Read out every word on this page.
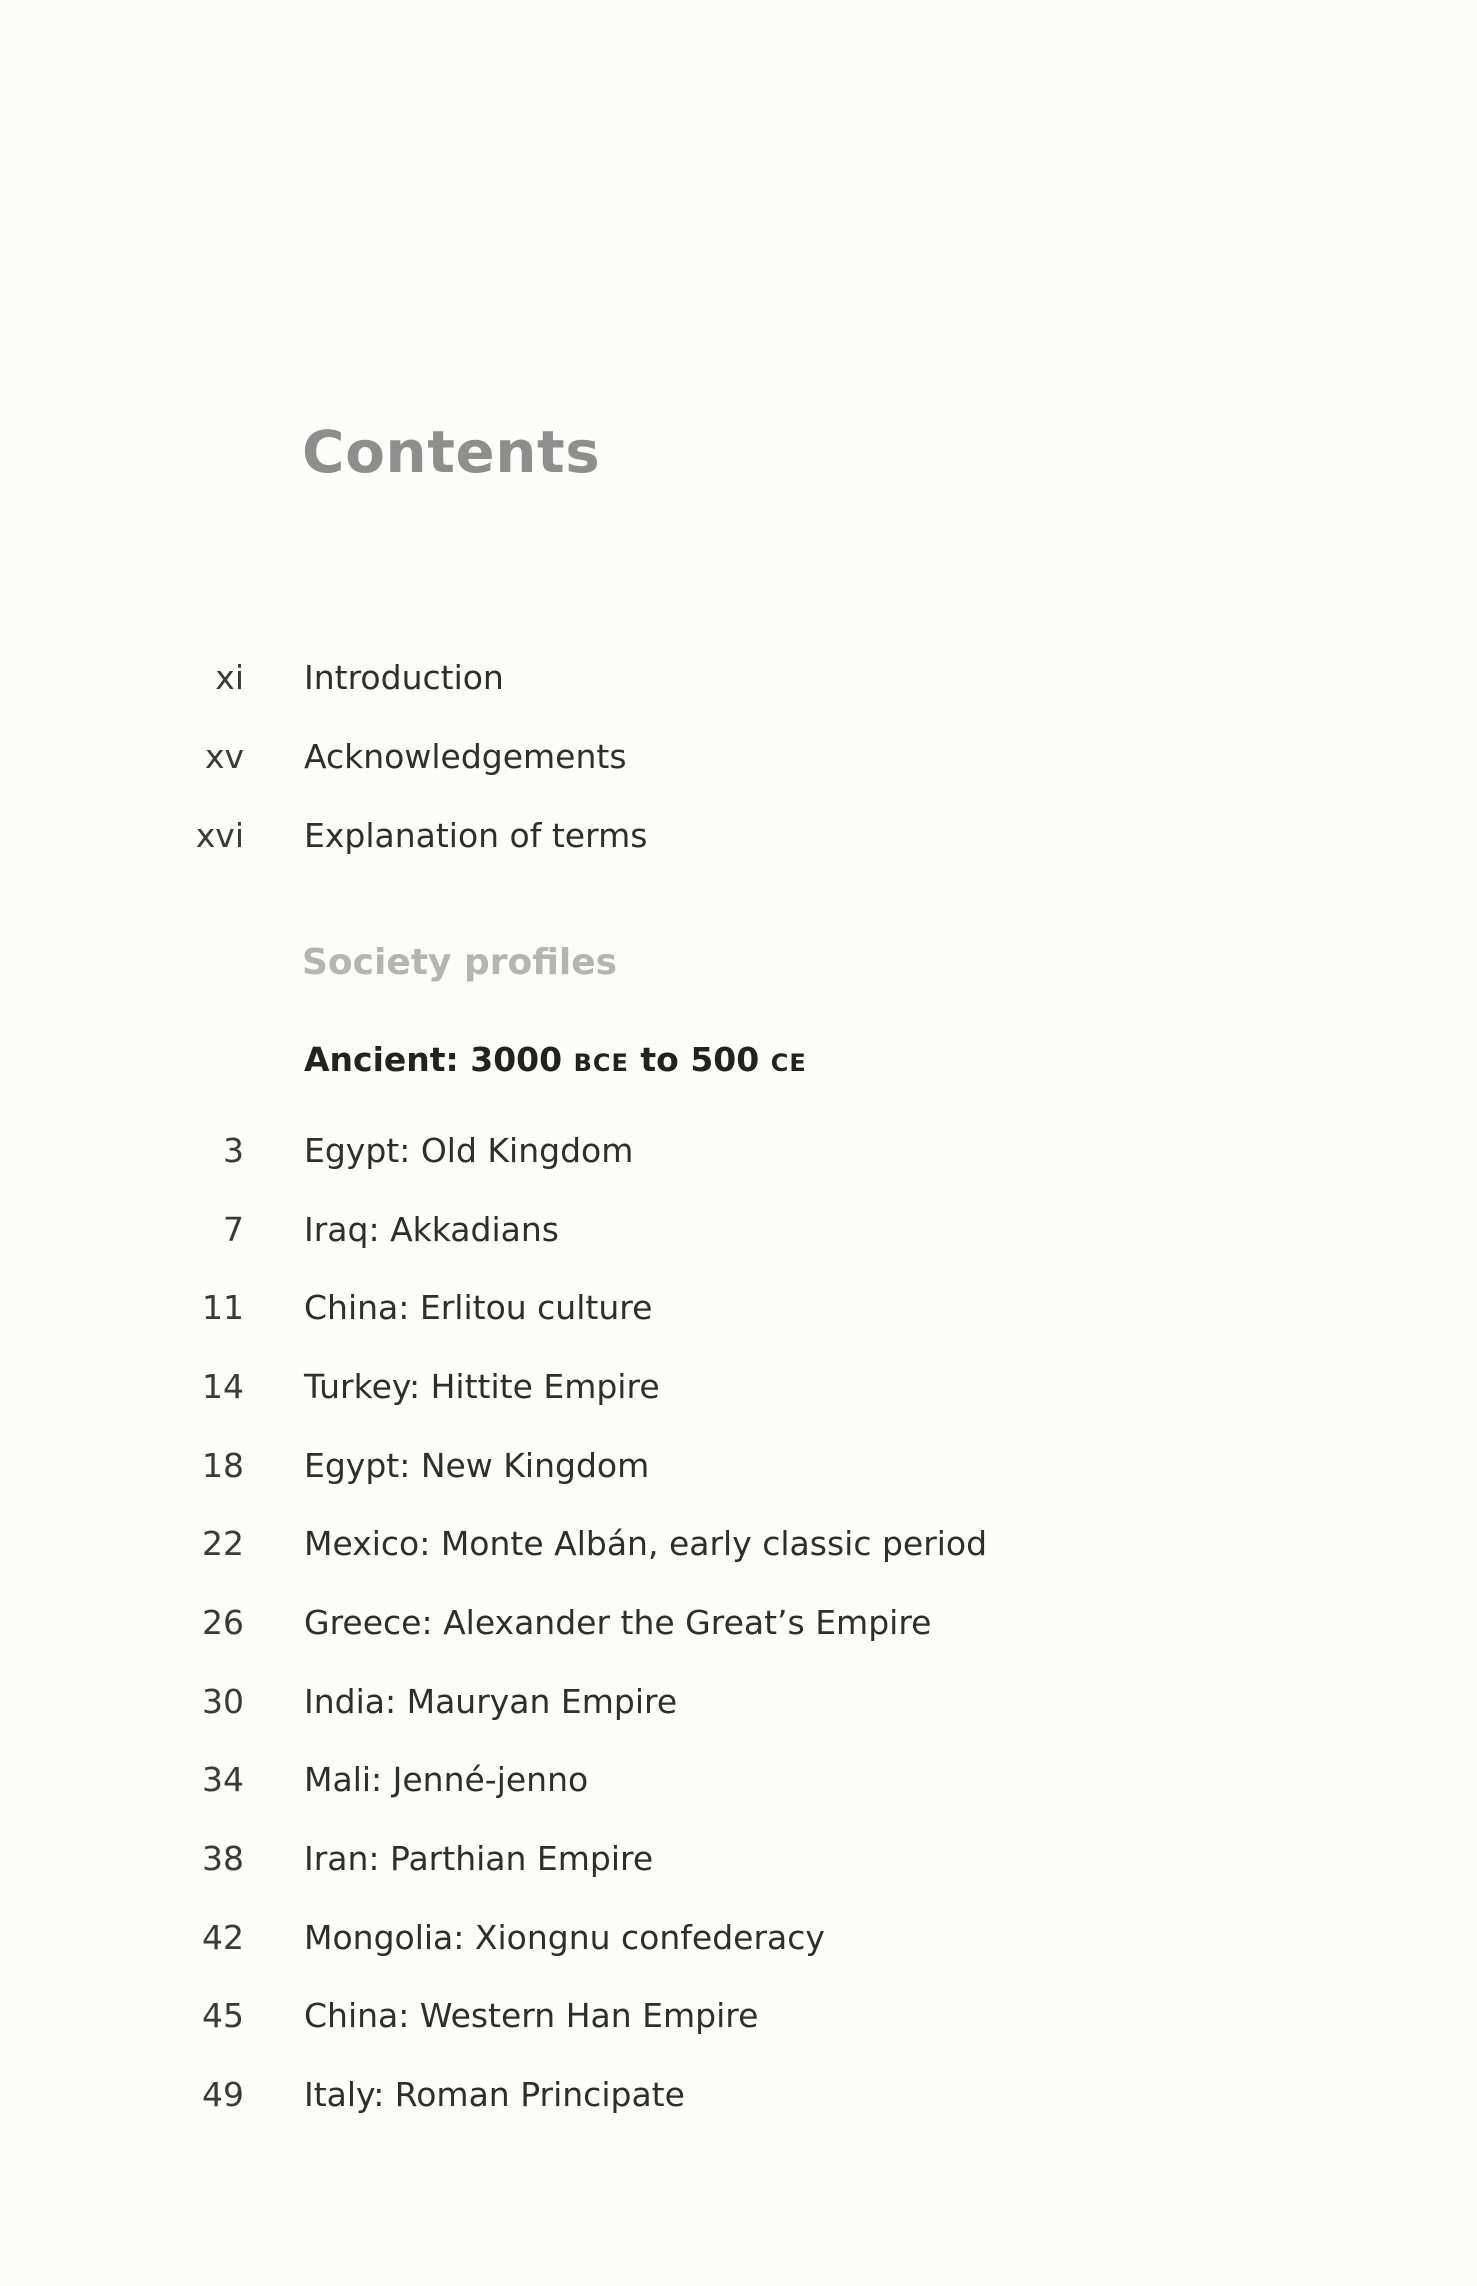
Contents
xi Introduction
xv Acknowledgements
xvi Explanation of terms
Society profiles
Ancient: 3000 BCE to 500 CE
3 Egypt: Old Kingdom
7 Iraq: Akkadians
11 China: Erlitou culture
14 Turkey: Hittite Empire
18 Egypt: New Kingdom
22 Mexico: Monte Albán, early classic period
26 Greece: Alexander the Great’s Empire
30 India: Mauryan Empire
34 Mali: Jenné-jenno
38 Iran: Parthian Empire
42 Mongolia: Xiongnu confederacy
45 China: Western Han Empire
49 Italy: Roman Principate
